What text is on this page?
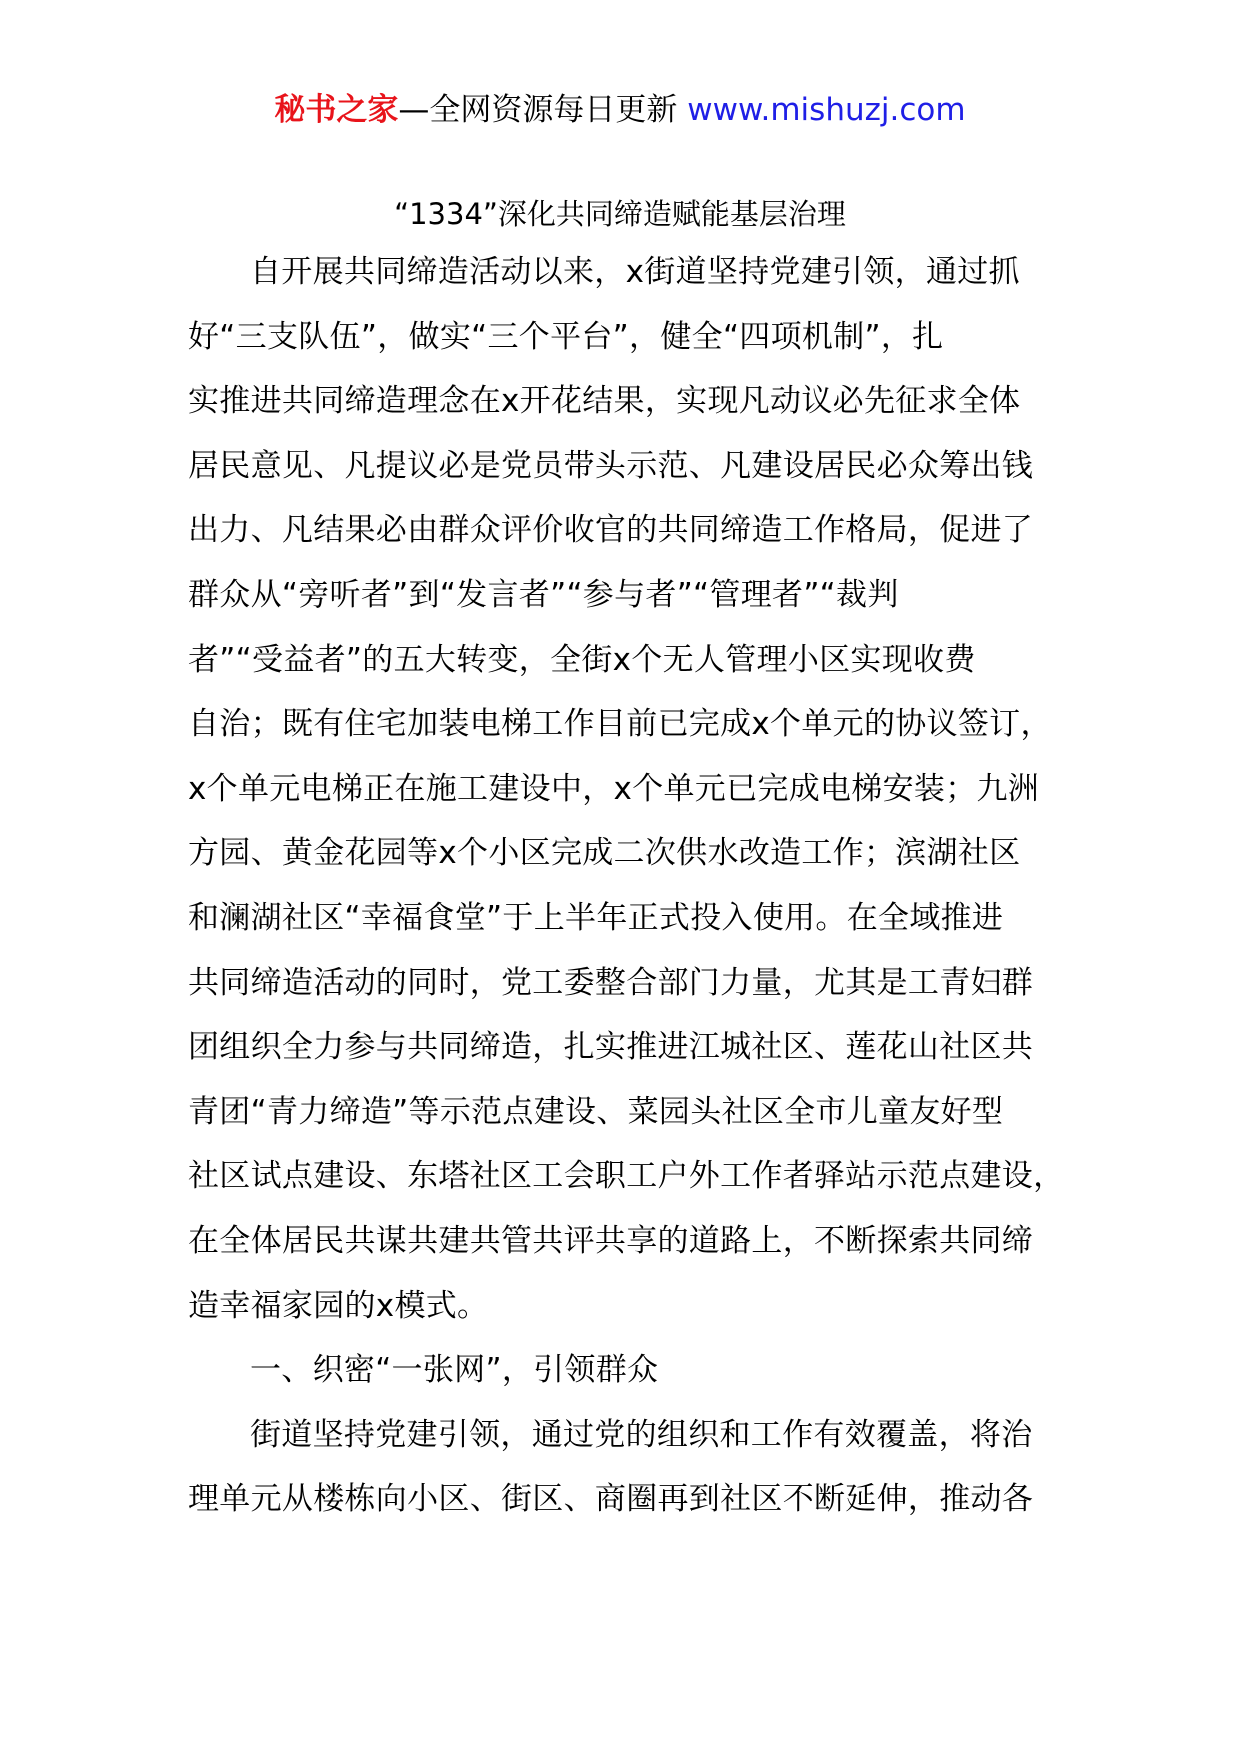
秘书之家—全网资源每日更新 www.mishuzj.com
“1334”深化共同缔造赋能基层治理
自开展共同缔造活动以来，x街道坚持党建引领，通过抓
好“三支队伍”，做实“三个平台”，健全“四项机制”，扎
实推进共同缔造理念在x开花结果，实现凡动议必先征求全体
居民意见、凡提议必是党员带头示范、凡建设居民必众筹出钱
出力、凡结果必由群众评价收官的共同缔造工作格局，促进了
群众从“旁听者”到“发言者”“参与者”“管理者”“裁判
者”“受益者”的五大转变，全街x个无人管理小区实现收费
自治；既有住宅加装电梯工作目前已完成x个单元的协议签订，
x个单元电梯正在施工建设中，x个单元已完成电梯安装；九洲
方园、黄金花园等x个小区完成二次供水改造工作；滨湖社区
和澜湖社区“幸福食堂”于上半年正式投入使用。在全域推进
共同缔造活动的同时，党工委整合部门力量，尤其是工青妇群
团组织全力参与共同缔造，扎实推进江城社区、莲花山社区共
青团“青力缔造”等示范点建设、菜园头社区全市儿童友好型
社区试点建设、东塔社区工会职工户外工作者驿站示范点建设，
在全体居民共谋共建共管共评共享的道路上，不断探索共同缔
造幸福家园的x模式。
一、织密“一张网”，引领群众
街道坚持党建引领，通过党的组织和工作有效覆盖，将治
理单元从楼栋向小区、街区、商圈再到社区不断延伸，推动各
